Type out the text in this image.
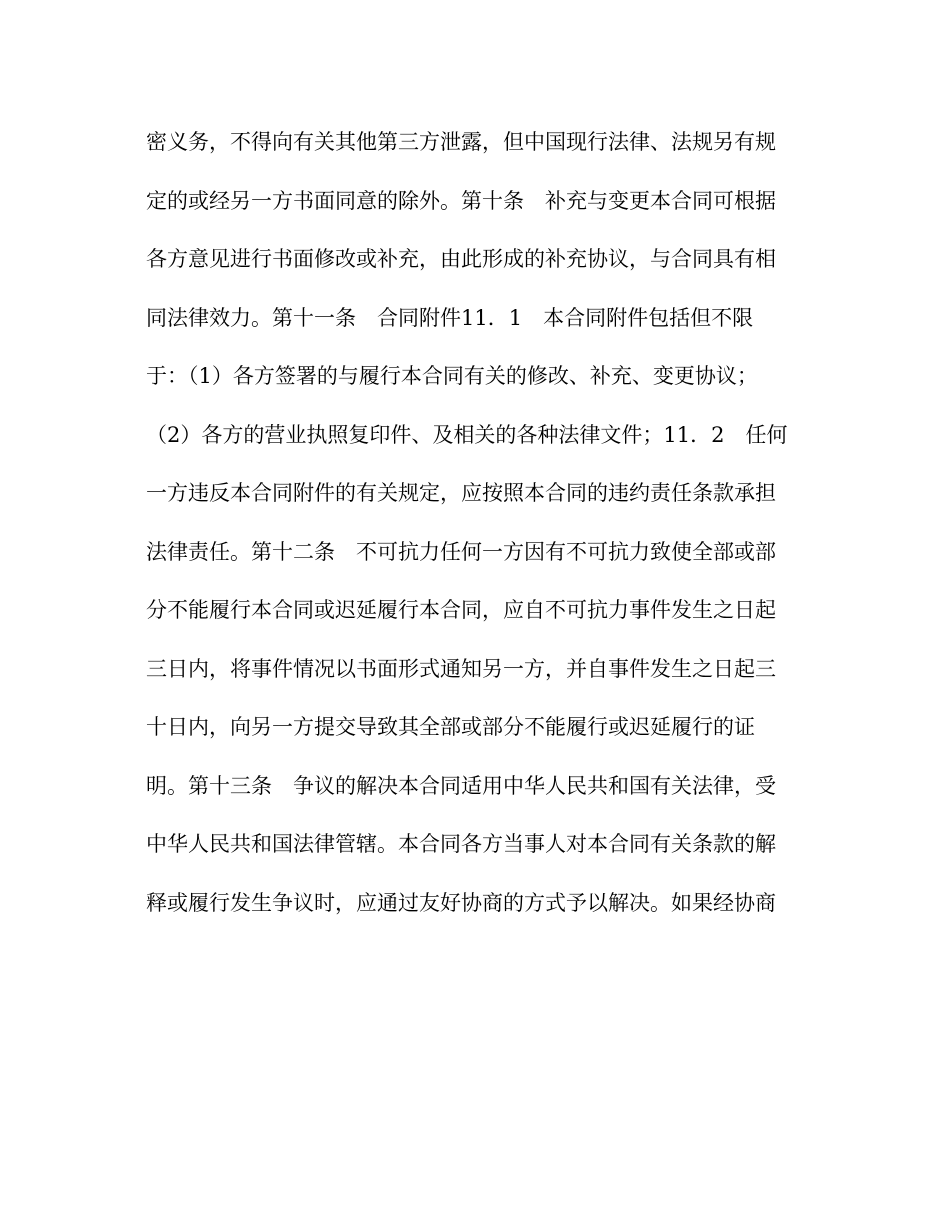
密义务，不得向有关其他第三方泄露，但中国现行法律、法规另有规
定的或经另一方书面同意的除外。第十条　补充与变更本合同可根据
各方意见进行书面修改或补充，由此形成的补充协议，与合同具有相
同法律效力。第十一条　合同附件11．1　本合同附件包括但不限
于：（1）各方签署的与履行本合同有关的修改、补充、变更协议；
（2）各方的营业执照复印件、及相关的各种法律文件；11．2　任何
一方违反本合同附件的有关规定，应按照本合同的违约责任条款承担
法律责任。第十二条　不可抗力任何一方因有不可抗力致使全部或部
分不能履行本合同或迟延履行本合同，应自不可抗力事件发生之日起
三日内，将事件情况以书面形式通知另一方，并自事件发生之日起三
十日内，向另一方提交导致其全部或部分不能履行或迟延履行的证
明。第十三条　争议的解决本合同适用中华人民共和国有关法律，受
中华人民共和国法律管辖。本合同各方当事人对本合同有关条款的解
释或履行发生争议时，应通过友好协商的方式予以解决。如果经协商
